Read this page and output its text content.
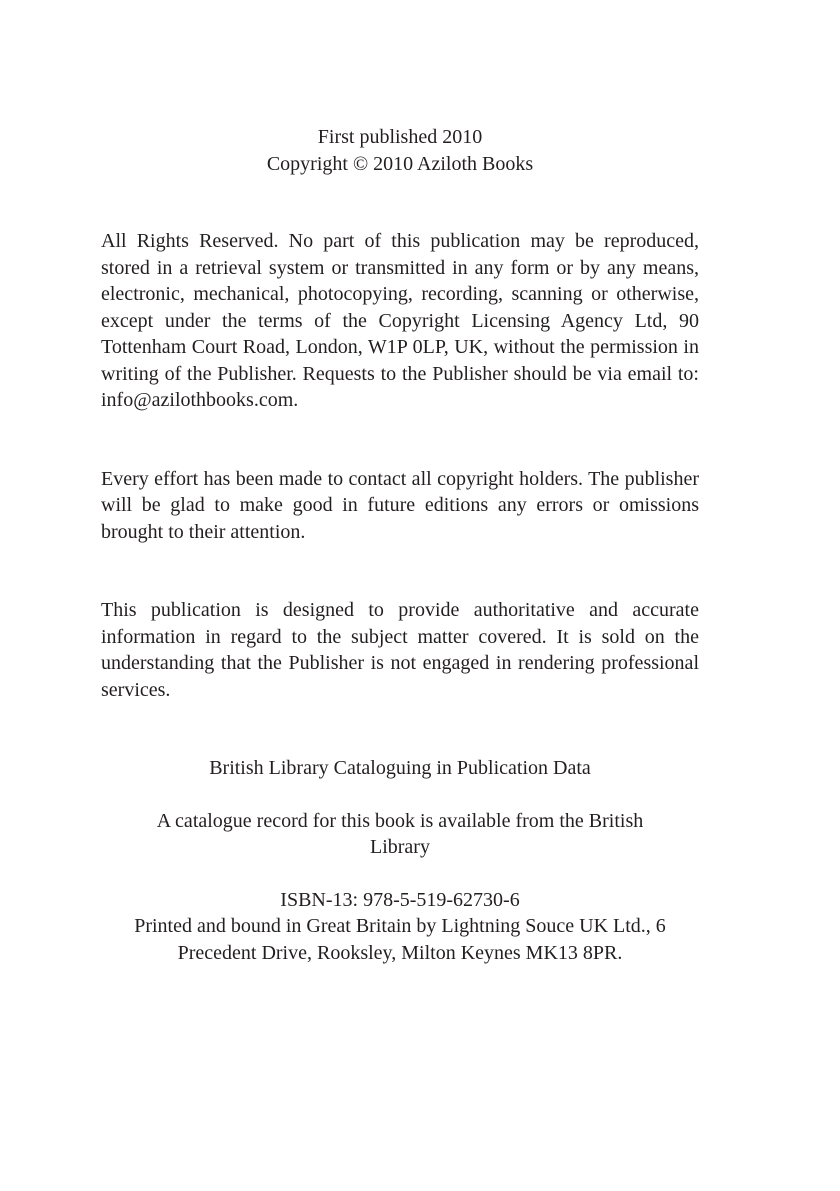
First published 2010
Copyright © 2010 Aziloth Books

All Rights Reserved. No part of this publication may be reproduced, stored in a retrieval system or transmitted in any form or by any means, electronic, mechanical, photocopying, recording, scanning or otherwise, except under the terms of the Copyright Licensing Agency Ltd, 90 Tottenham Court Road, London, W1P 0LP, UK, without the permission in writing of the Publisher. Requests to the Publisher should be via email to: info@azilothbooks.com.

Every effort has been made to contact all copyright holders. The publisher will be glad to make good in future editions any errors or omissions brought to their attention.

This publication is designed to provide authoritative and accurate information in regard to the subject matter covered. It is sold on the understanding that the Publisher is not engaged in rendering professional services.

British Library Cataloguing in Publication Data
A catalogue record for this book is available from the British
Library
ISBN-13: 978-5-519-62730-6
Printed and bound in Great Britain by Lightning Souce UK Ltd., 6
Precedent Drive, Rooksley, Milton Keynes MK13 8PR.
